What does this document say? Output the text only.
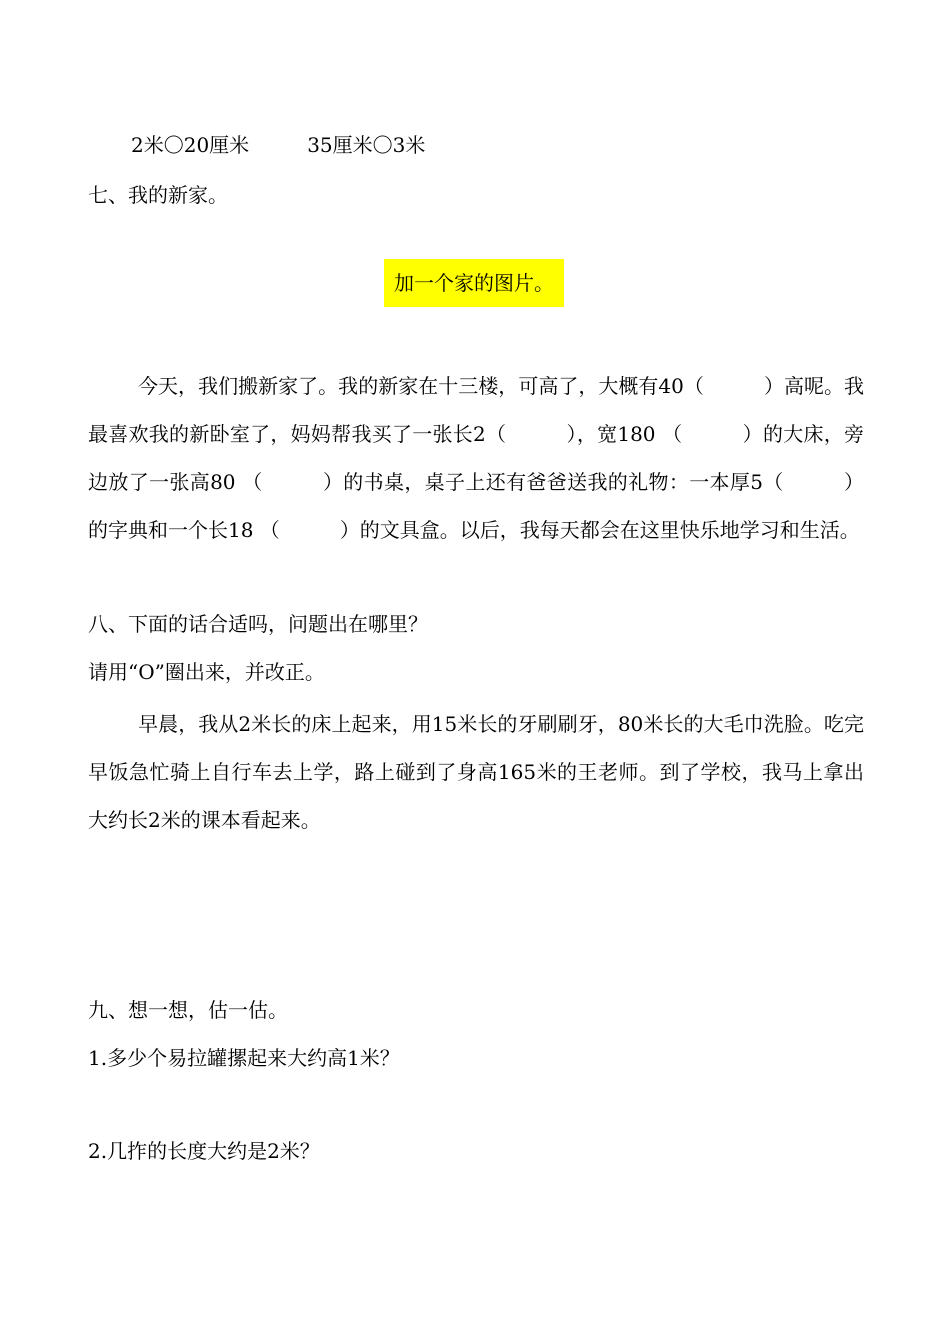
2米〇20厘米	35厘米〇3米
七、我的新家。
加一个家的图片。
今天，我们搬新家了。我的新家在十三楼，可高了，大概有40（	）高呢。我最喜欢我的新卧室了，妈妈帮我买了一张长2（	），宽180 （	）的大床，旁边放了一张高80 （	）的书桌，桌子上还有爸爸送我的礼物：一本厚5（	）的字典和一个长18 （	）的文具盒。以后，我每天都会在这里快乐地学习和生活。
八、下面的话合适吗，问题出在哪里？
请用“O”圈出来，并改正。
早晨，我从2米长的床上起来，用15米长的牙刷刷牙，80米长的大毛巾洗脸。吃完早饭急忙骑上自行车去上学，路上碰到了身高165米的王老师。到了学校，我马上拿出大约长2米的课本看起来。
九、想一想，估一估。
1.多少个易拉罐摞起来大约高1米？
2.几拃的长度大约是2米？
